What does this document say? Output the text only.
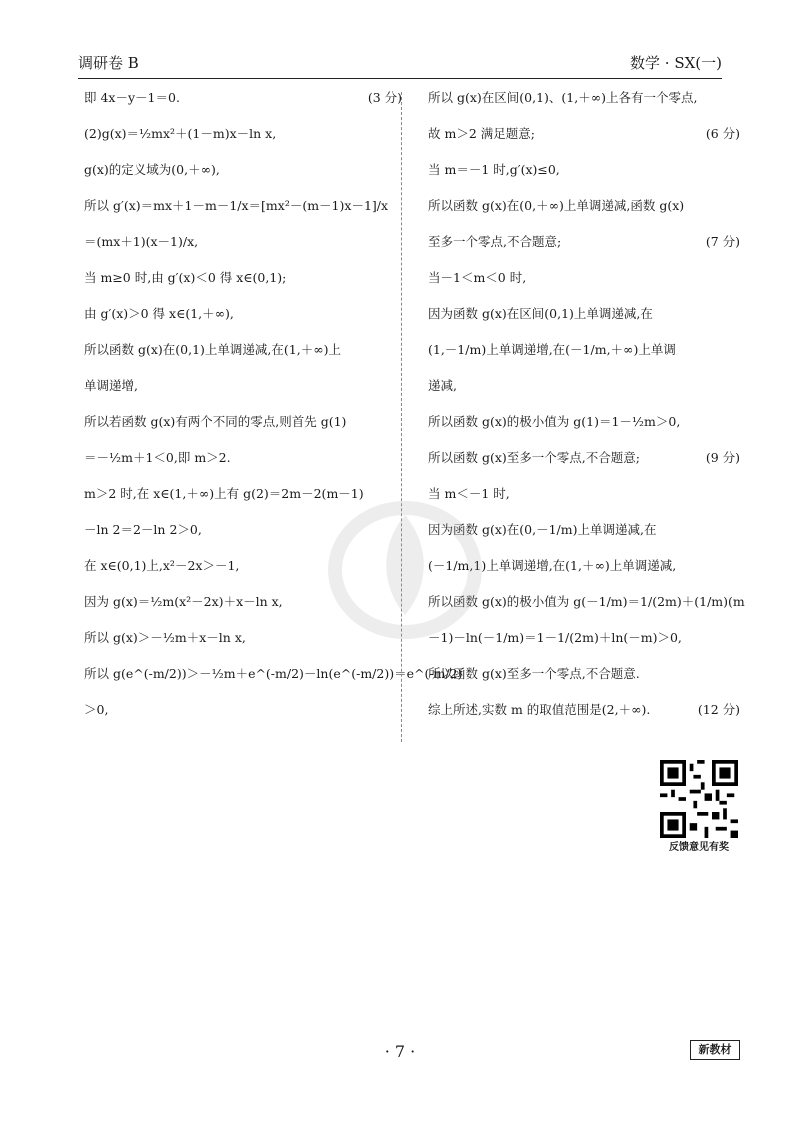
调研卷 B	数学 · SX(一)
即 4x－y－1＝0.	(3 分)
(2)g(x)＝½mx²＋(1－m)x－ln x,
g(x)的定义域为(0,＋∞),
所以 g′(x)＝mx＋1－m－1/x＝[mx²－(m－1)x－1]/x
＝(mx＋1)(x－1)/x,
当 m≥0 时,由 g′(x)＜0 得 x∈(0,1);
由 g′(x)＞0 得 x∈(1,＋∞),
所以函数 g(x)在(0,1)上单调递减,在(1,＋∞)上
单调递增,
所以若函数 g(x)有两个不同的零点,则首先 g(1)
＝－½m＋1＜0,即 m＞2.
m＞2 时,在 x∈(1,＋∞)上有 g(2)＝2m－2(m－1)
－ln 2＝2－ln 2＞0,
在 x∈(0,1)上,x²－2x＞－1,
因为 g(x)＝½m(x²－2x)＋x－ln x,
所以 g(x)＞－½m＋x－ln x,
所以 g(e^(-m/2))＞－½m＋e^(-m/2)－ln(e^(-m/2))＝e^(-m/2)
＞0,
所以 g(x)在区间(0,1)、(1,＋∞)上各有一个零点,
故 m＞2 满足题意;	(6 分)
当 m＝－1 时,g′(x)≤0,
所以函数 g(x)在(0,＋∞)上单调递减,函数 g(x)
至多一个零点,不合题意;	(7 分)
当－1＜m＜0 时,
因为函数 g(x)在区间(0,1)上单调递减,在
(1,－1/m)上单调递增,在(－1/m,＋∞)上单调
递减,
所以函数 g(x)的极小值为 g(1)＝1－½m＞0,
所以函数 g(x)至多一个零点,不合题意;	(9 分)
当 m＜－1 时,
因为函数 g(x)在(0,－1/m)上单调递减,在
(－1/m,1)上单调递增,在(1,＋∞)上单调递减,
所以函数 g(x)的极小值为 g(－1/m)＝1/(2m)＋(1/m)(m
－1)－ln(－1/m)＝1－1/(2m)＋ln(－m)＞0,
所以函数 g(x)至多一个零点,不合题意.
综上所述,实数 m 的取值范围是(2,＋∞).	(12 分)
反馈意见有奖
· 7 ·	新教材
